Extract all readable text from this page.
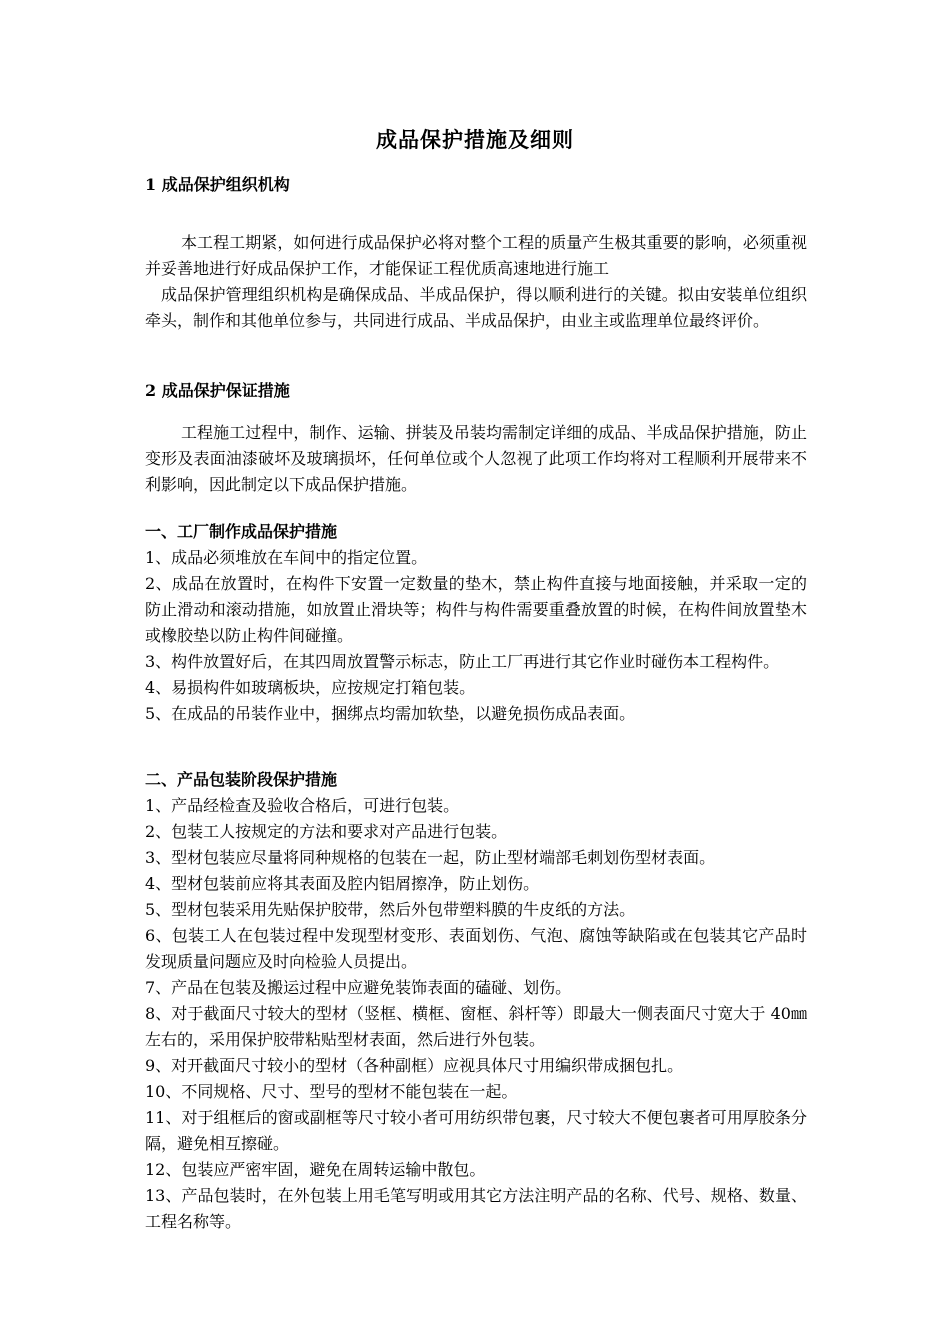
成品保护措施及细则
1 成品保护组织机构
本工程工期紧，如何进行成品保护必将对整个工程的质量产生极其重要的影响，必须重视并妥善地进行好成品保护工作，才能保证工程优质高速地进行施工
成品保护管理组织机构是确保成品、半成品保护，得以顺利进行的关键。拟由安装单位组织牵头，制作和其他单位参与，共同进行成品、半成品保护，由业主或监理单位最终评价。
2 成品保护保证措施
工程施工过程中，制作、运输、拼装及吊装均需制定详细的成品、半成品保护措施，防止变形及表面油漆破坏及玻璃损坏，任何单位或个人忽视了此项工作均将对工程顺利开展带来不利影响，因此制定以下成品保护措施。
一、工厂制作成品保护措施
1、成品必须堆放在车间中的指定位置。
2、成品在放置时，在构件下安置一定数量的垫木，禁止构件直接与地面接触，并采取一定的防止滑动和滚动措施，如放置止滑块等；构件与构件需要重叠放置的时候，在构件间放置垫木或橡胶垫以防止构件间碰撞。
3、构件放置好后，在其四周放置警示标志，防止工厂再进行其它作业时碰伤本工程构件。
4、易损构件如玻璃板块，应按规定打箱包装。
5、在成品的吊装作业中，捆绑点均需加软垫，以避免损伤成品表面。
二、产品包装阶段保护措施
1、产品经检查及验收合格后，可进行包装。
2、包装工人按规定的方法和要求对产品进行包装。
3、型材包装应尽量将同种规格的包装在一起，防止型材端部毛刺划伤型材表面。
4、型材包装前应将其表面及腔内铝屑擦净，防止划伤。
5、型材包装采用先贴保护胶带，然后外包带塑料膜的牛皮纸的方法。
6、包装工人在包装过程中发现型材变形、表面划伤、气泡、腐蚀等缺陷或在包装其它产品时发现质量问题应及时向检验人员提出。
7、产品在包装及搬运过程中应避免装饰表面的磕碰、划伤。
8、对于截面尺寸较大的型材（竖框、横框、窗框、斜杆等）即最大一侧表面尺寸宽大于 40㎜左右的，采用保护胶带粘贴型材表面，然后进行外包装。
9、对开截面尺寸较小的型材（各种副框）应视具体尺寸用编织带成捆包扎。
10、不同规格、尺寸、型号的型材不能包装在一起。
11、对于组框后的窗或副框等尺寸较小者可用纺织带包裹，尺寸较大不便包裹者可用厚胶条分隔，避免相互擦碰。
12、包装应严密牢固，避免在周转运输中散包。
13、产品包装时，在外包装上用毛笔写明或用其它方法注明产品的名称、代号、规格、数量、工程名称等。
